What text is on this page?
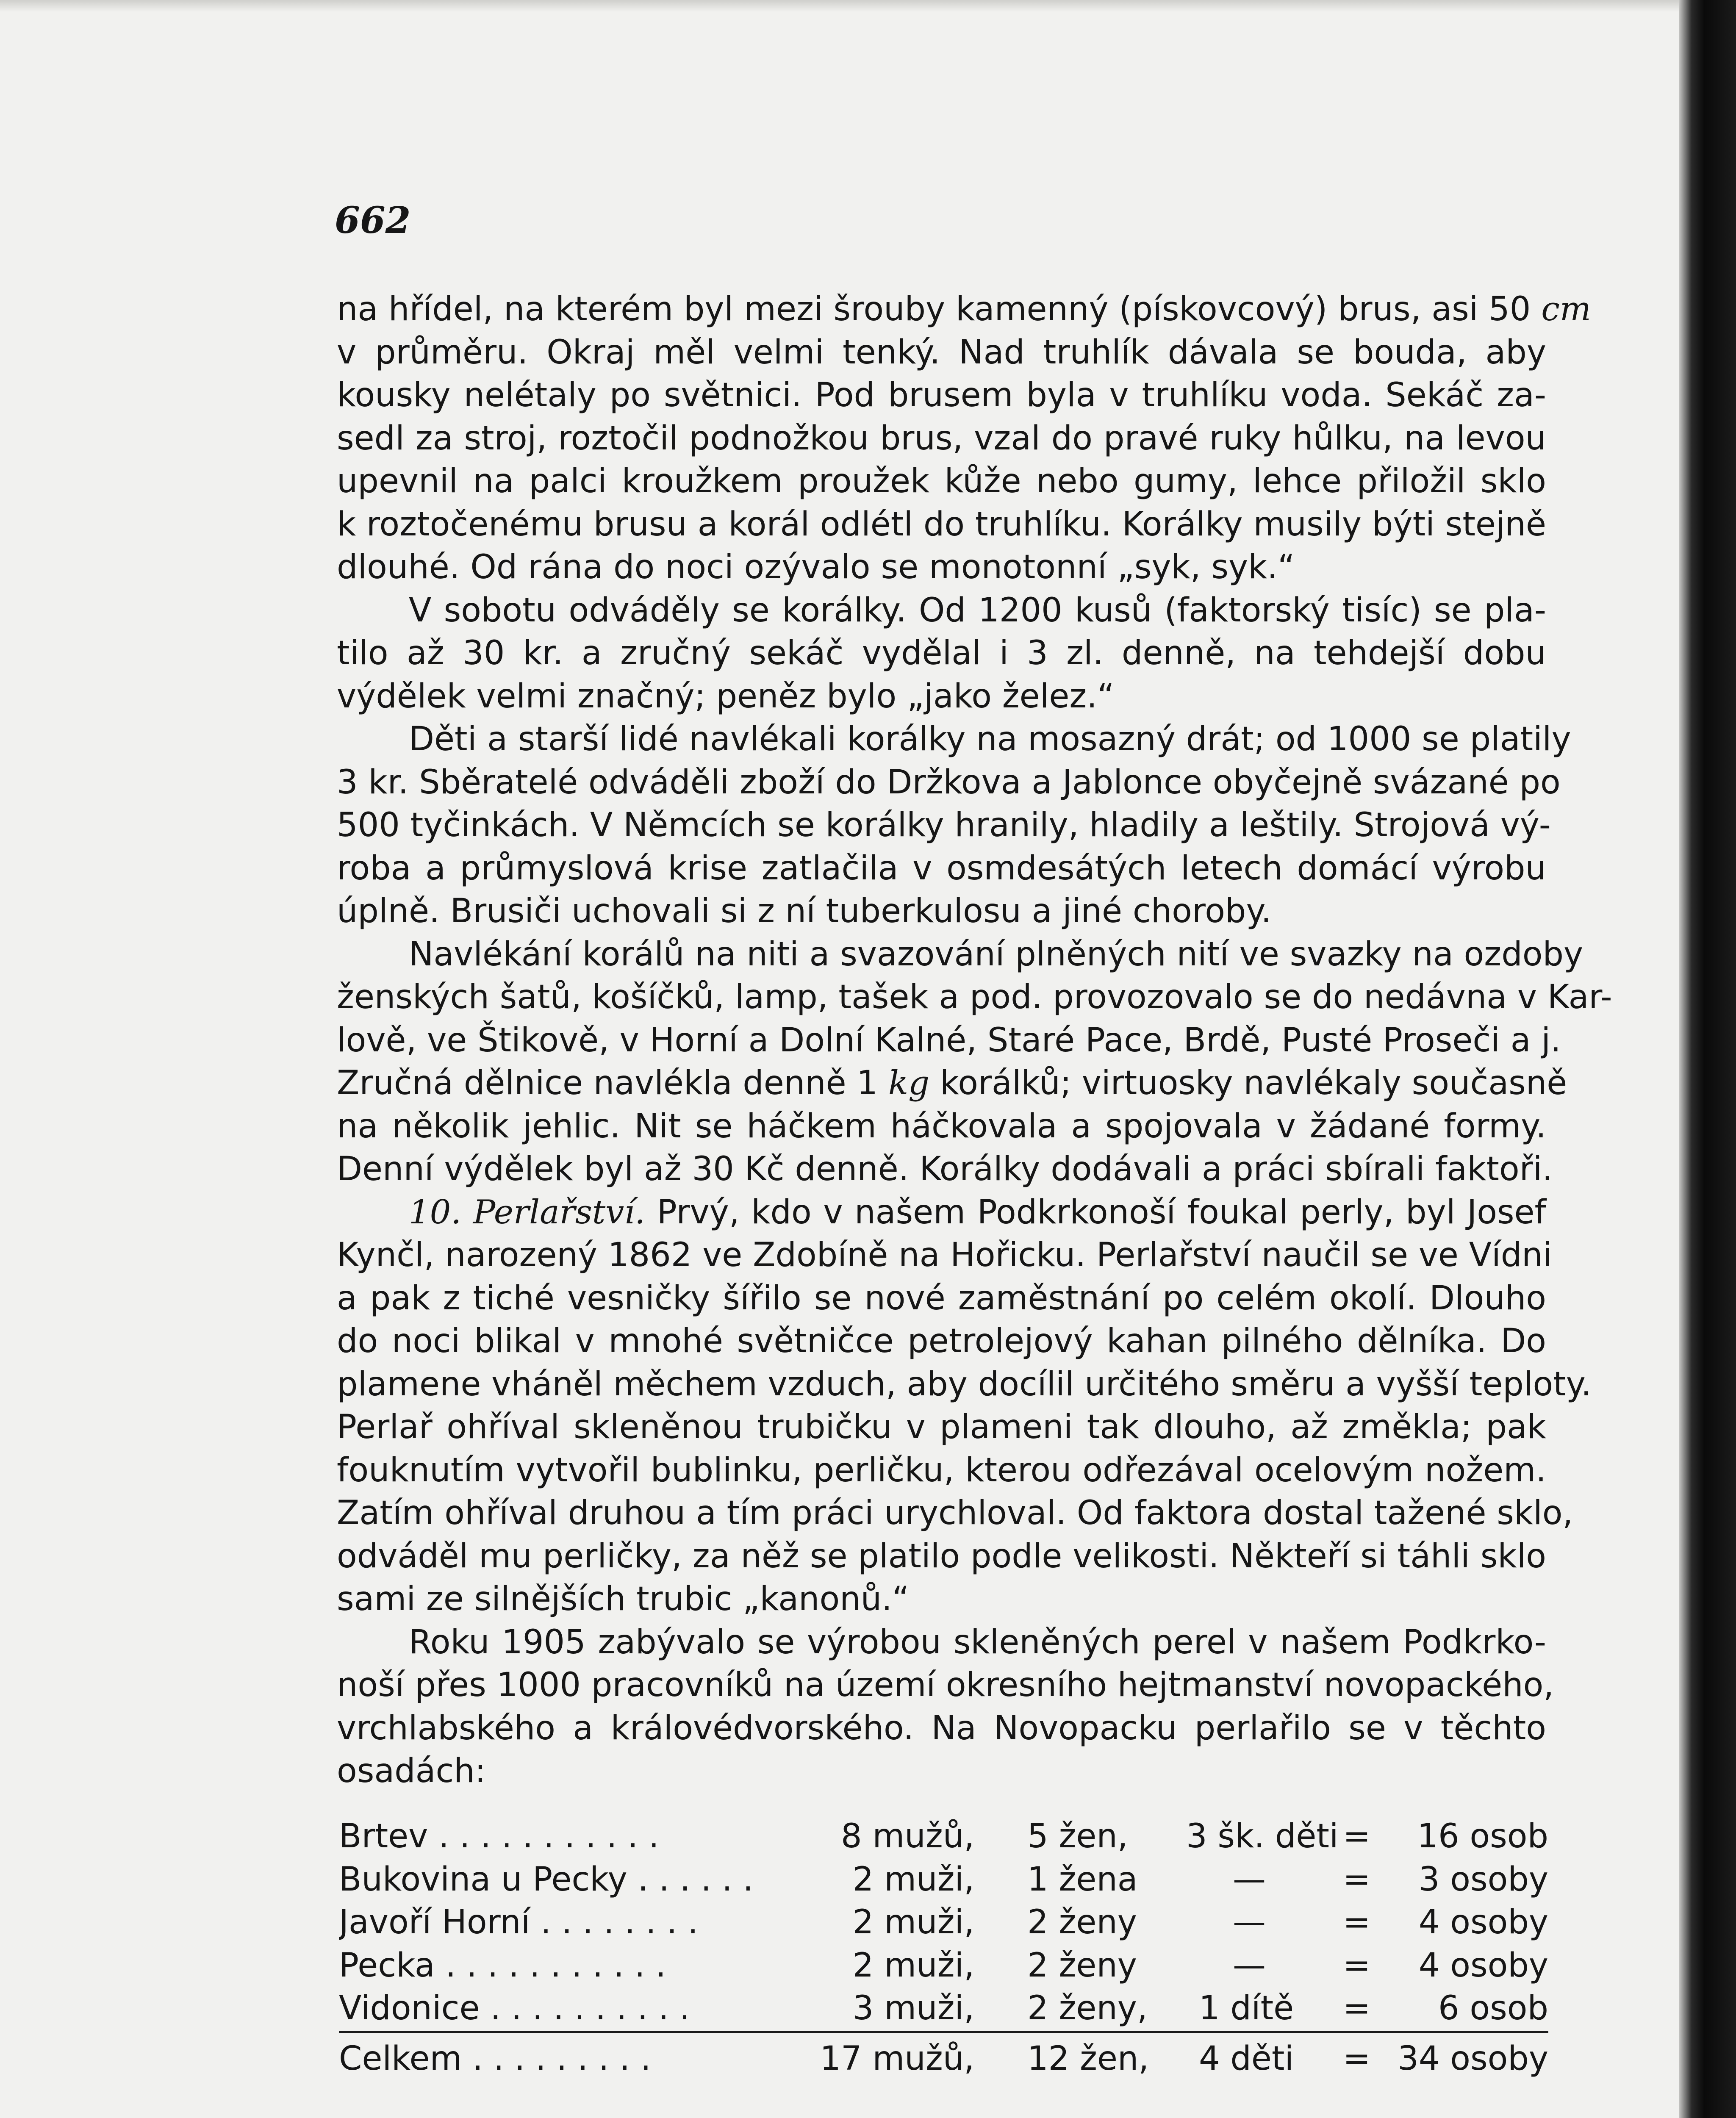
662
na hřídel, na kterém byl mezi šrouby kamenný (pískovcový) brus, asi 50 cm
v průměru. Okraj měl velmi tenký. Nad truhlík dávala se bouda, aby
kousky nelétaly po světnici. Pod brusem byla v truhlíku voda. Sekáč za-
sedl za stroj, roztočil podnožkou brus, vzal do pravé ruky hůlku, na levou
upevnil na palci kroužkem proužek kůže nebo gumy, lehce přiložil sklo
k roztočenému brusu a korál odlétl do truhlíku. Korálky musily býti stejně
dlouhé. Od rána do noci ozývalo se monotonní „syk, syk.“
V sobotu odváděly se korálky. Od 1200 kusů (faktorský tisíc) se pla-
tilo až 30 kr. a zručný sekáč vydělal i 3 zl. denně, na tehdejší dobu
výdělek velmi značný; peněz bylo „jako želez.“
Děti a starší lidé navlékali korálky na mosazný drát; od 1000 se platily
3 kr. Sběratelé odváděli zboží do Držkova a Jablonce obyčejně svázané po
500 tyčinkách. V Němcích se korálky hranily, hladily a leštily. Strojová vý-
roba a průmyslová krise zatlačila v osmdesátých letech domácí výrobu
úplně. Brusiči uchovali si z ní tuberkulosu a jiné choroby.
Navlékání korálů na niti a svazování plněných nití ve svazky na ozdoby
ženských šatů, košíčků, lamp, tašek a pod. provozovalo se do nedávna v Kar-
lově, ve Štikově, v Horní a Dolní Kalné, Staré Pace, Brdě, Pusté Proseči a j.
Zručná dělnice navlékla denně 1 kg korálků; virtuosky navlékaly současně
na několik jehlic. Nit se háčkem háčkovala a spojovala v žádané formy.
Denní výdělek byl až 30 Kč denně. Korálky dodávali a práci sbírali faktoři.
10. Perlařství. Prvý, kdo v našem Podkrkonoší foukal perly, byl Josef
Kynčl, narozený 1862 ve Zdobíně na Hořicku. Perlařství naučil se ve Vídni
a pak z tiché vesničky šířilo se nové zaměstnání po celém okolí. Dlouho
do noci blikal v mnohé světničce petrolejový kahan pilného dělníka. Do
plamene vháněl měchem vzduch, aby docílil určitého směru a vyšší teploty.
Perlař ohříval skleněnou trubičku v plameni tak dlouho, až změkla; pak
fouknutím vytvořil bublinku, perličku, kterou odřezával ocelovým nožem.
Zatím ohříval druhou a tím práci urychloval. Od faktora dostal tažené sklo,
odváděl mu perličky, za něž se platilo podle velikosti. Někteří si táhli sklo
sami ze silnějších trubic „kanonů.“
Roku 1905 zabývalo se výrobou skleněných perel v našem Podkrko-
noší přes 1000 pracovníků na území okresního hejtmanství novopackého,
vrchlabského a královédvorského. Na Novopacku perlařilo se v těchto
osadách:
Brtev . . . . . . . . . . .	8 mužů, 5 žen, 3 šk. děti = 16 osob
Bukovina u Pecky . . . . . .	2 muži, 1 žena	— = 3 osoby
Javoří Horní . . . . . . . .	2 muži, 2 ženy	— = 4 osoby
Pecka . . . . . . . . . . .	2 muži, 2 ženy	— = 4 osoby
Vidonice . . . . . . . . . .	3 muži, 2 ženy, 1 dítě = 6 osob
Celkem . . . . . . . . .	17 mužů, 12 žen, 4 děti = 34 osoby
